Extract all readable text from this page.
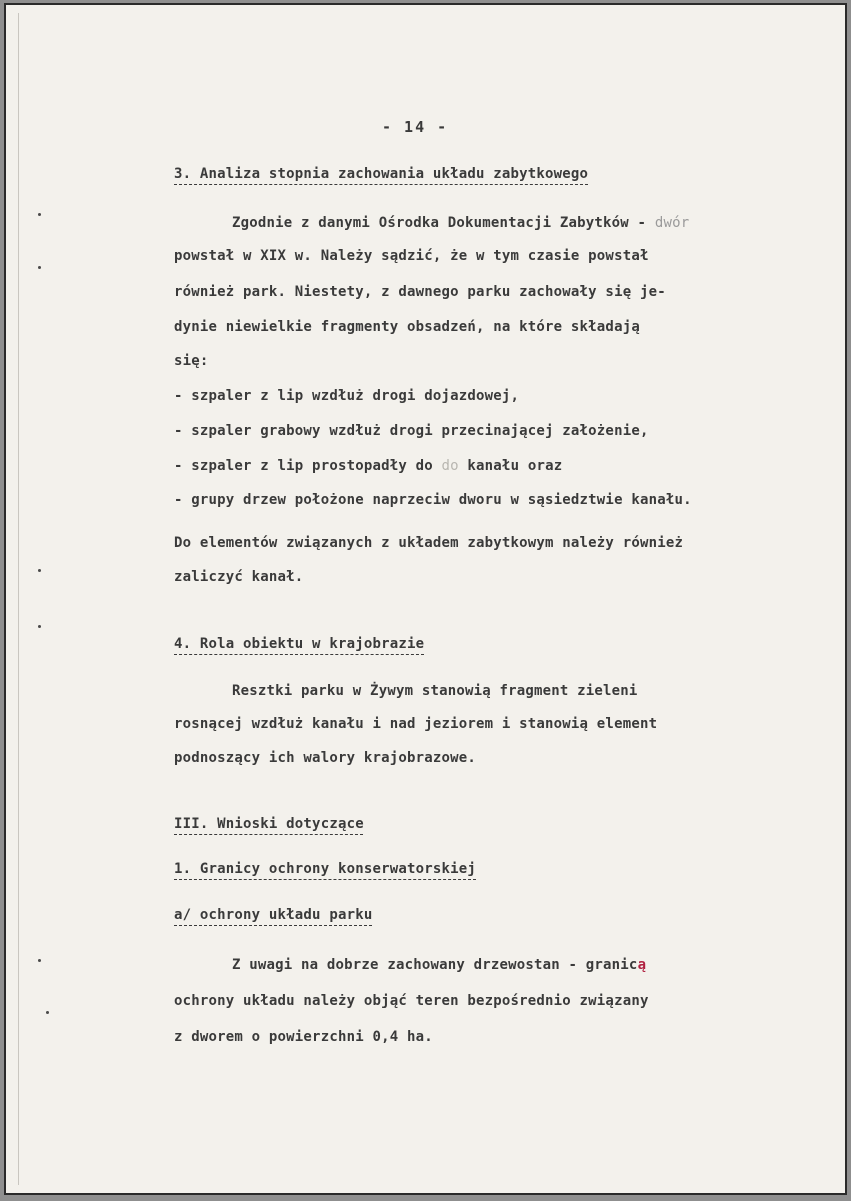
- 14 -
3. Analiza stopnia zachowania układu zabytkowego
Zgodnie z danymi Ośrodka Dokumentacji Zabytków - dwór
powstał w XIX w. Należy sądzić, że w tym czasie powstał
również park. Niestety, z dawnego parku zachowały się je-
dynie niewielkie fragmenty obsadzeń, na które składają
się:
- szpaler z lip wzdłuż drogi dojazdowej,
- szpaler grabowy wzdłuż drogi przecinającej założenie,
- szpaler z lip prostopadły do do kanału oraz
- grupy drzew położone naprzeciw dworu w sąsiedztwie kanału.
Do elementów związanych z układem zabytkowym należy również
zaliczyć kanał.
4. Rola obiektu w krajobrazie
Resztki parku w Żywym stanowią fragment zieleni
rosnącej wzdłuż kanału i nad jeziorem i stanowią element
podnoszący ich walory krajobrazowe.
III. Wnioski dotyczące
1. Granicy ochrony konserwatorskiej
a/ ochrony układu parku
Z uwagi na dobrze zachowany drzewostan - granicą
ochrony układu należy objąć teren bezpośrednio związany
z dworem o powierzchni 0,4 ha.
